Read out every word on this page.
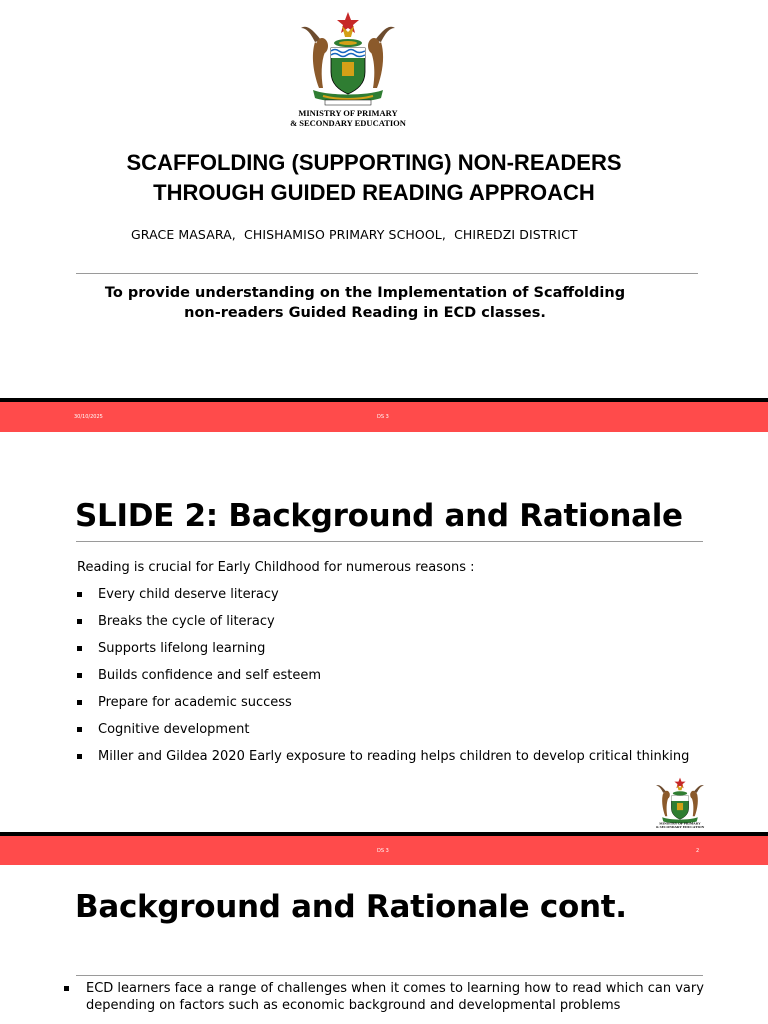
MINISTRY OF PRIMARY
& SECONDARY EDUCATION
SCAFFOLDING (SUPPORTING) NON-READERS
THROUGH GUIDED READING APPROACH
GRACE MASARA,  CHISHAMISO PRIMARY SCHOOL,  CHIREDZI DISTRICT
To provide understanding on the Implementation of Scaffolding
non-readers Guided Reading in ECD classes.
30/10/2025	DS 3
SLIDE 2: Background and Rationale
Reading is crucial for Early Childhood for numerous reasons :
Every child deserve literacy
Breaks the cycle of literacy
Supports lifelong learning
Builds confidence and self esteem
Prepare for academic success
Cognitive development
Miller and Gildea 2020 Early exposure to reading helps children to develop critical thinking
MINISTRY OF PRIMARY
& SECONDARY EDUCATION
DS 3	2
Background and Rationale cont.
ECD learners face a range of challenges when it comes to learning how to read which can vary depending on factors such as economic background and developmental problems
